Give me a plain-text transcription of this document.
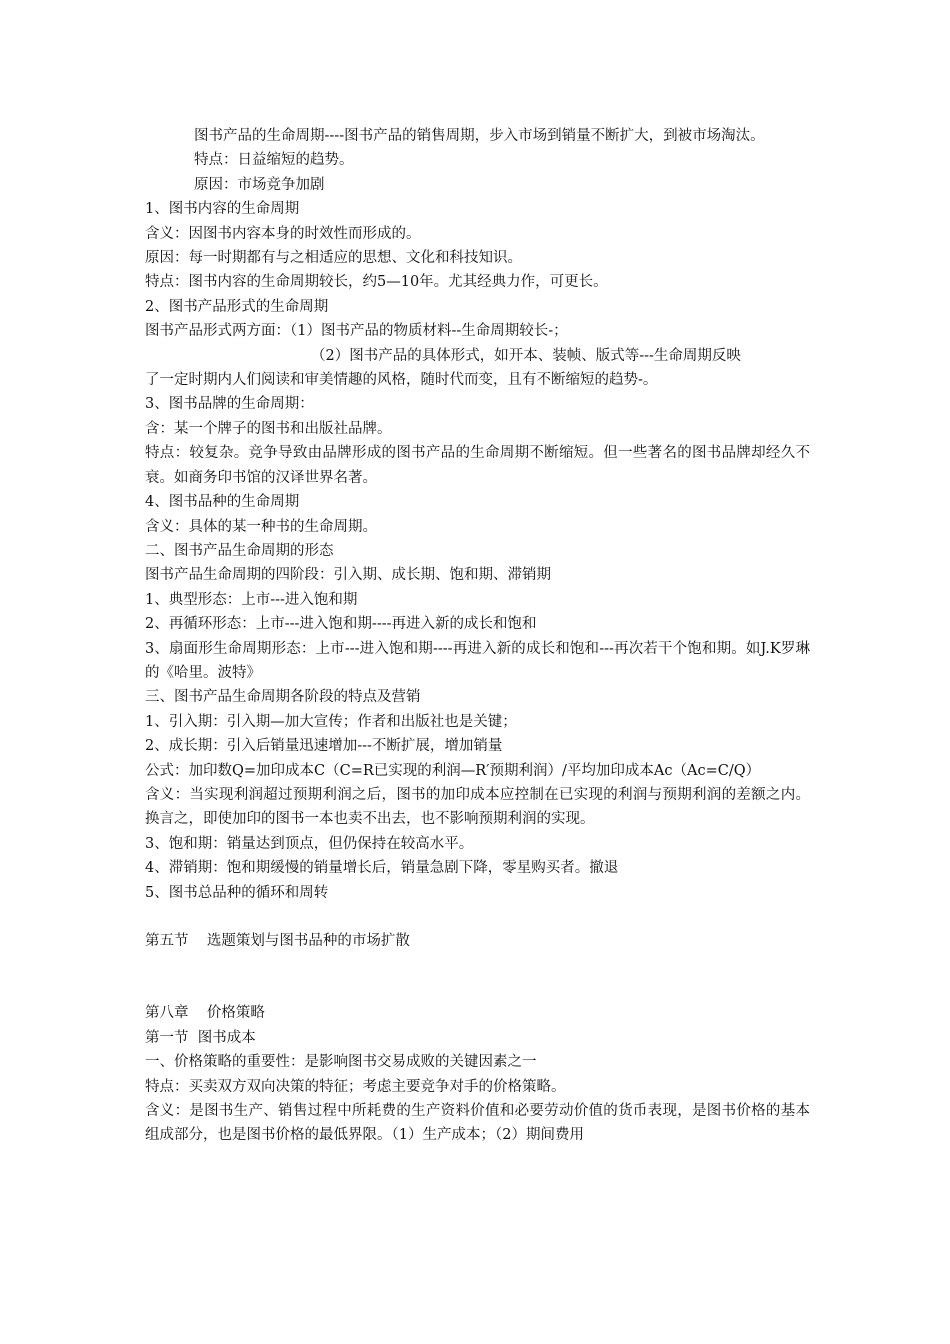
图书产品的生命周期----图书产品的销售周期，步入市场到销量不断扩大，到被市场淘汰。

特点：日益缩短的趋势。

原因：市场竞争加剧

1、图书内容的生命周期

含义：因图书内容本身的时效性而形成的。

原因：每一时期都有与之相适应的思想、文化和科技知识。

特点：图书内容的生命周期较长，约5—10年。尤其经典力作，可更长。

2、图书产品形式的生命周期

图书产品形式两方面：（1）图书产品的物质材料--生命周期较长-；

（2）图书产品的具体形式，如开本、装帧、版式等---生命周期反映

了一定时期内人们阅读和审美情趣的风格，随时代而变，且有不断缩短的趋势-。

3、图书品牌的生命周期：

含：某一个牌子的图书和出版社品牌。

特点：较复杂。竞争导致由品牌形成的图书产品的生命周期不断缩短。但一些著名的图书品牌却经久不衰。如商务印书馆的汉译世界名著。

4、图书品种的生命周期

含义：具体的某一种书的生命周期。

二、图书产品生命周期的形态

图书产品生命周期的四阶段：引入期、成长期、饱和期、滞销期

1、典型形态：上市---进入饱和期

2、再循环形态：上市---进入饱和期----再进入新的成长和饱和

3、扇面形生命周期形态：上市---进入饱和期----再进入新的成长和饱和---再次若干个饱和期。如J.K罗琳的《哈里。波特》

三、图书产品生命周期各阶段的特点及营销

1、引入期：引入期—加大宣传；作者和出版社也是关键；

2、成长期：引入后销量迅速增加---不断扩展，增加销量

公式：加印数Q=加印成本C（C=R已实现的利润—R′预期利润）/平均加印成本Ac（Ac=C/Q）

含义：当实现利润超过预期利润之后，图书的加印成本应控制在已实现的利润与预期利润的差额之内。换言之，即使加印的图书一本也卖不出去，也不影响预期利润的实现。

3、饱和期：销量达到顶点，但仍保持在较高水平。

4、滞销期：饱和期缓慢的销量增长后，销量急剧下降，零星购买者。撤退

5、图书总品种的循环和周转

第五节    选题策划与图书品种的市场扩散

第八章    价格策略

第一节  图书成本

一、价格策略的重要性：是影响图书交易成败的关键因素之一

特点：买卖双方双向决策的特征；考虑主要竞争对手的价格策略。

含义：是图书生产、销售过程中所耗费的生产资料价值和必要劳动价值的货币表现，是图书价格的基本组成部分，也是图书价格的最低界限。（1）生产成本；（2）期间费用
